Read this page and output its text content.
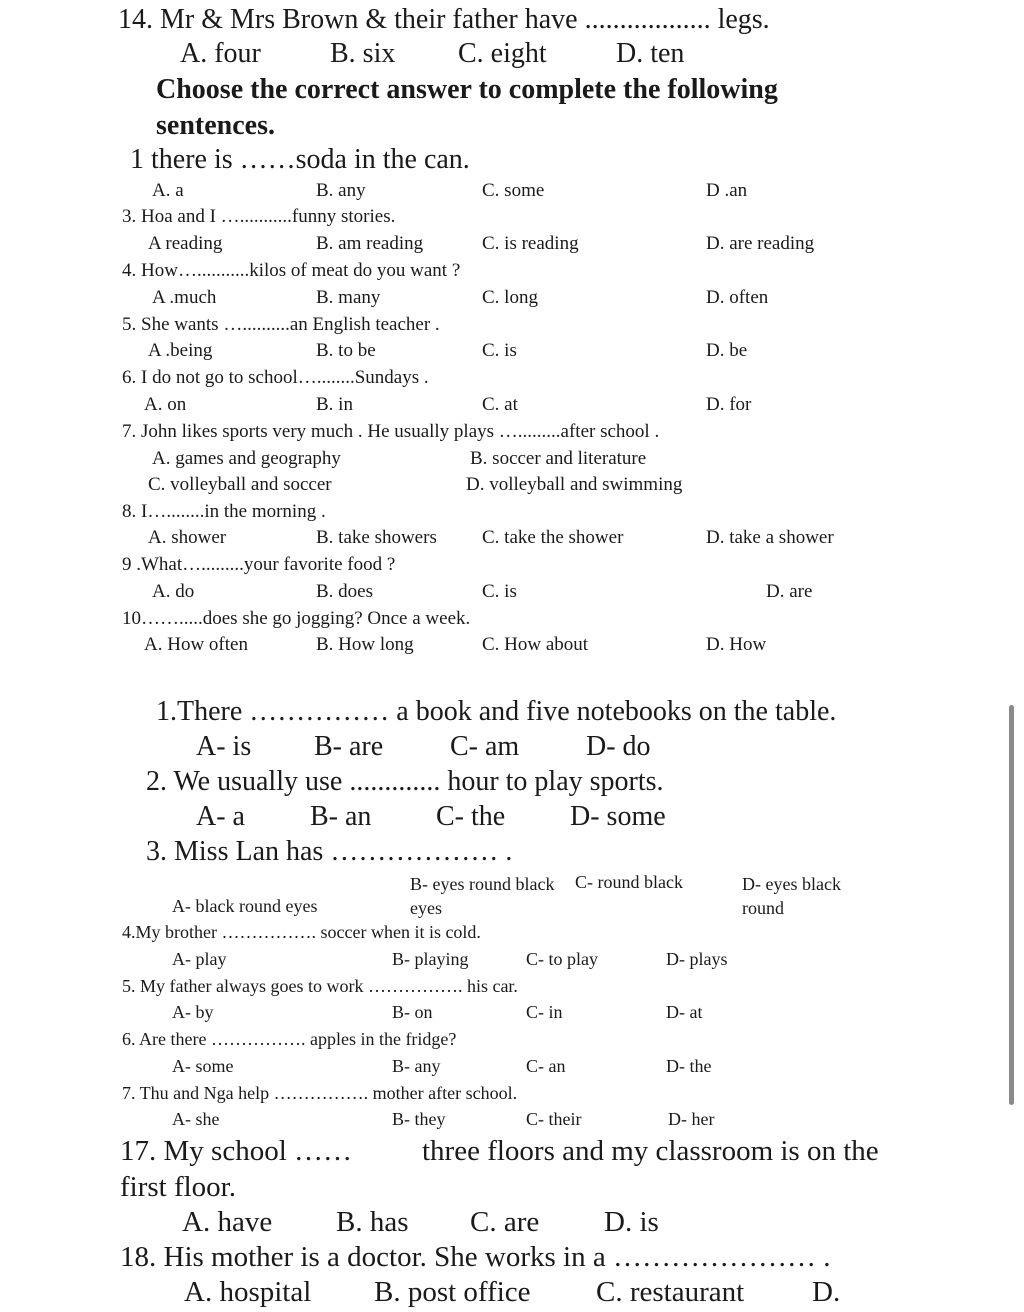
14. Mr & Mrs Brown & their father have .................. legs.
A. four B. six C. eight D. ten
Choose the correct answer to complete the following
sentences.
1 there is ……soda in the can.
A. a	B. any	C. some	D .an
3. Hoa and I …...........funny stories.
A reading	B. am reading	C. is reading	D. are reading
4. How…...........kilos of meat do you want ?
A .much	B. many	C. long	D. often
5. She wants …..........an English teacher .
A .being	B. to be	C. is	D. be
6. I do not go to school…........Sundays .
A. on	B. in	C. at	D. for
7. John likes sports very much . He usually plays ….........after school .
A. games and geography	B. soccer and literature
C. volleyball and soccer	D. volleyball and swimming
8. I…........in the morning .
A. shower	B. take showers C. take the shower	D. take a shower
9 .What….........your favorite food ?
A. do	B. does	C. is	D. are
10…….....does she go jogging? Once a week.
A. How often	B. How long	C. How about	D. How
1.There …………… a book and five notebooks on the table.
A- is B- are C- am D- do
2. We usually use ............. hour to play sports.
A- a B- an C- the D- some
3. Miss Lan has ……………… .
A- black round eyes
B- eyes round black eyes
C- round black	D- eyes black round
4.My brother ……………. soccer when it is cold.
A- play	B- playing	C- to play	D- plays
5. My father always goes to work ……………. his car.
A- by	B- on	C- in	D- at
6. Are there ……………. apples in the fridge?
A- some	B- any	C- an	D- the
7. Thu and Nga help ……………. mother after school.
A- she	B- they	C- their	D- her
17. My school …… three floors and my classroom is on the
first floor.
A. have B. has C. are D. is
18. His mother is a doctor. She works in a ………………… .
A. hospital B. post office C. restaurant D.
